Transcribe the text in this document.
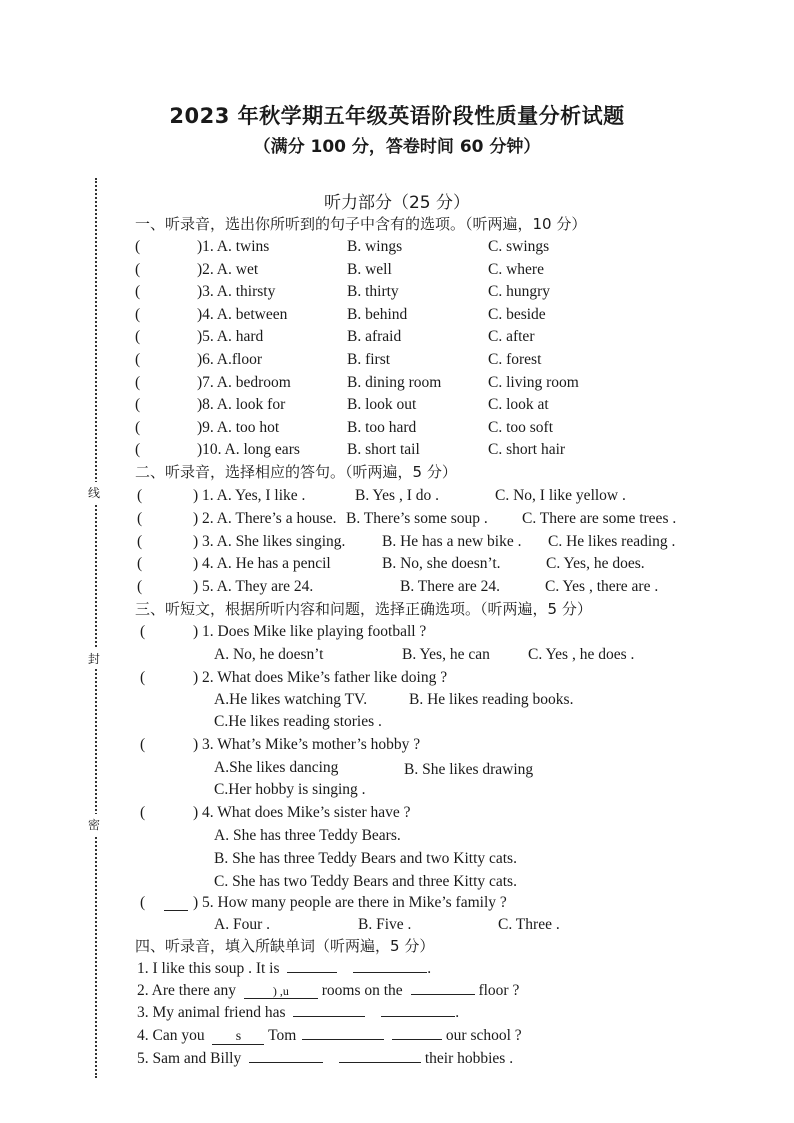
2023 年秋学期五年级英语阶段性质量分析试题
（满分 100 分，答卷时间 60 分钟）
听力部分（25 分）
线
封
密
一、听录音，选出你所听到的句子中含有的选项。（听两遍，10 分）
(	)1. A. twins	B. wings	C. swings
(	)2. A. wet	B. well	C. where
(	)3. A. thirsty	B. thirty	C. hungry
(	)4. A. between	B. behind	C. beside
(	)5. A. hard	B. afraid	C. after
(	)6. A.floor	B. first	C. forest
(	)7. A. bedroom	B. dining room	C. living room
(	)8. A. look for	B. look out	C. look at
(	)9. A. too hot	B. too hard	C. too soft
(	)10. A. long ears	B. short tail	C. short hair
二、听录音，选择相应的答句。（听两遍，5 分）
(	) 1. A. Yes, I like .	B. Yes , I do .	C. No, I like yellow .
(	) 2. A. There’s a house. B. There’s some soup . C. There are some trees .
(	) 3. A. She likes singing. B. He has a new bike . C. He likes reading .
(	) 4. A. He has a pencil	B. No, she doesn’t.	C. Yes, he does.
(	) 5. A. They are 24.	B. There are 24.	C. Yes , there are .
三、听短文，根据所听内容和问题，选择正确选项。（听两遍，5 分）
(	) 1. Does Mike like playing football ?
A. No, he doesn’t	B. Yes, he can C. Yes , he does .
(	) 2. What does Mike’s father like doing ?
A.He likes watching TV.	B. He likes reading books.
C.He likes reading stories .
(	) 3. What’s Mike’s mother’s hobby ?
A.She likes dancing	B. She likes drawing
C.Her hobby is singing .
(	) 4. What does Mike’s sister have ?
A. She has three Teddy Bears.
B. She has three Teddy Bears and two Kitty cats.
C. She has two Teddy Bears and three Kitty cats.
(	) 5. How many people are there in Mike’s family ?
A. Four .	B. Five .	C. Three .
四、听录音，填入所缺单词（听两遍，5 分）
1. I like this soup . It is	.
2. Are there any	) ,u rooms on the	floor ?
3. My animal friend has	.
4. Can you s Tom	our school ?
5. Sam and Billy	their hobbies .
